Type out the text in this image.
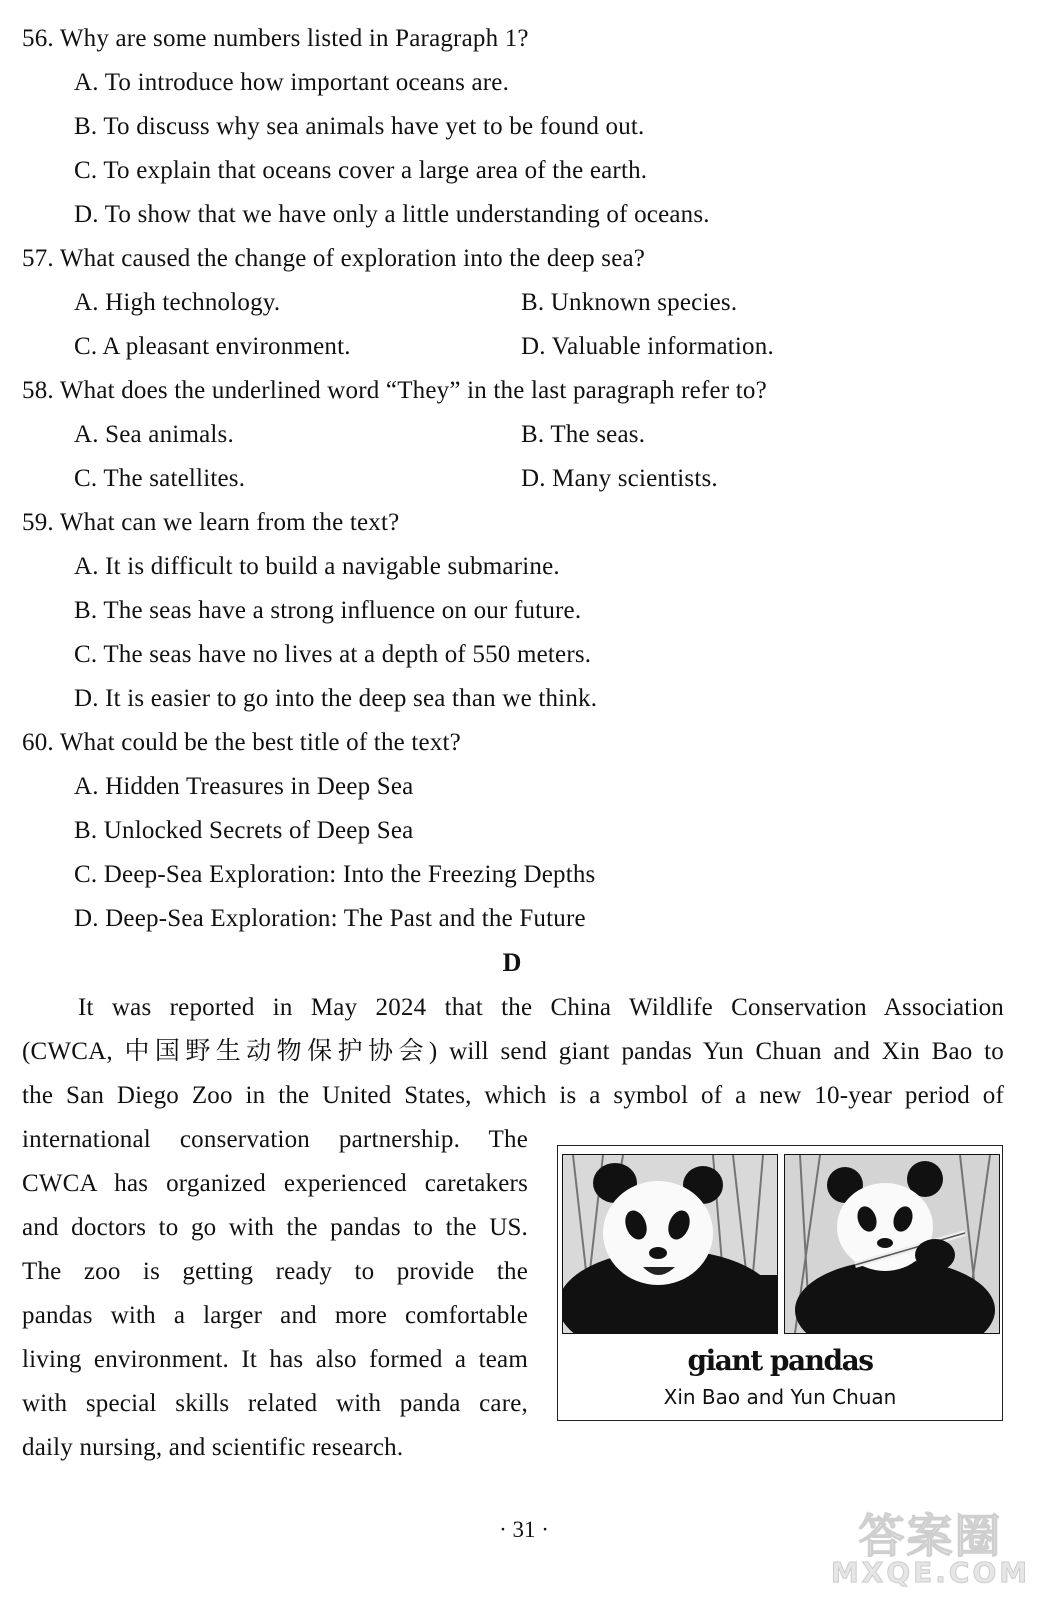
56. Why are some numbers listed in Paragraph 1?
A. To introduce how important oceans are.
B. To discuss why sea animals have yet to be found out.
C. To explain that oceans cover a large area of the earth.
D. To show that we have only a little understanding of oceans.
57. What caused the change of exploration into the deep sea?
A. High technology.	B. Unknown species.
C. A pleasant environment.	D. Valuable information.
58. What does the underlined word “They” in the last paragraph refer to?
A. Sea animals.	B. The seas.
C. The satellites.	D. Many scientists.
59. What can we learn from the text?
A. It is difficult to build a navigable submarine.
B. The seas have a strong influence on our future.
C. The seas have no lives at a depth of 550 meters.
D. It is easier to go into the deep sea than we think.
60. What could be the best title of the text?
A. Hidden Treasures in Deep Sea
B. Unlocked Secrets of Deep Sea
C. Deep-Sea Exploration: Into the Freezing Depths
D. Deep-Sea Exploration: The Past and the Future
D
It was reported in May 2024 that the China Wildlife Conservation Association
(CWCA, 中国野生动物保护协会) will send giant pandas Yun Chuan and Xin Bao to
the San Diego Zoo in the United States, which is a symbol of a new 10-year period of
international conservation partnership. The
CWCA has organized experienced caretakers
and doctors to go with the pandas to the US.
The zoo is getting ready to provide the
pandas with a larger and more comfortable
living environment. It has also formed a team
with special skills related with panda care,
daily nursing, and scientific research.
giant pandas
Xin Bao and Yun Chuan
· 31 ·	答案圈
MXQE.COM
